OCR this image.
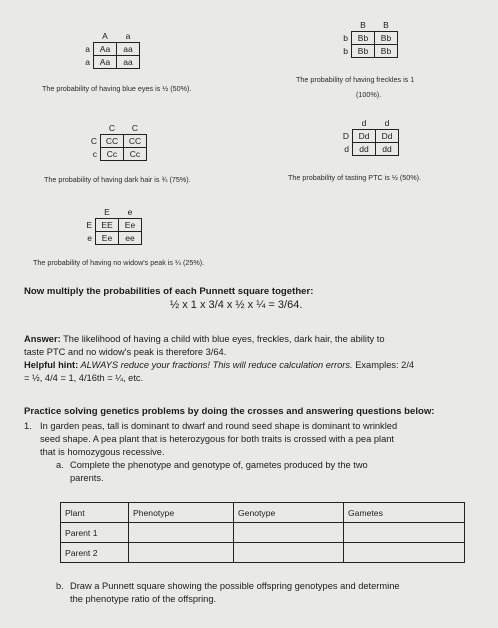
	A	a
a	Aa	aa
a	Aa	aa
The probability of having blue eyes is ½ (50%).
	B	B
b	Bb	Bb
b	Bb	Bb
The probability of having freckles is 1
(100%).
	C	C
C	CC	CC
c	Cc	Cc
The probability of having dark hair is ¾ (75%).
	d	d
D	Dd	Dd
d	dd	dd
The probability of tasting PTC is ½ (50%).
	E	e
E	EE	Ee
e	Ee	ee
The probability of having no widow's peak is ¼ (25%).
Now multiply the probabilities of each Punnett square together:
½ x 1 x 3/4 x ½ x ¼ = 3/64.
Answer: The likelihood of having a child with blue eyes, freckles, dark hair, the ability to
taste PTC and no widow's peak is therefore 3/64.
Helpful hint: ALWAYS reduce your fractions! This will reduce calculation errors. Examples: 2/4
= ½, 4/4 = 1, 4/16th = ¼, etc.
Practice solving genetics problems by doing the crosses and answering questions below:
1. In garden peas, tall is dominant to dwarf and round seed shape is dominant to wrinkled
seed shape. A pea plant that is heterozygous for both traits is crossed with a pea plant
that is homozygous recessive.
a. Complete the phenotype and genotype of, gametes produced by the two
parents.
Plant	Phenotype	Genotype	Gametes
Parent 1			
Parent 2			
b. Draw a Punnett square showing the possible offspring genotypes and determine
the phenotype ratio of the offspring.
